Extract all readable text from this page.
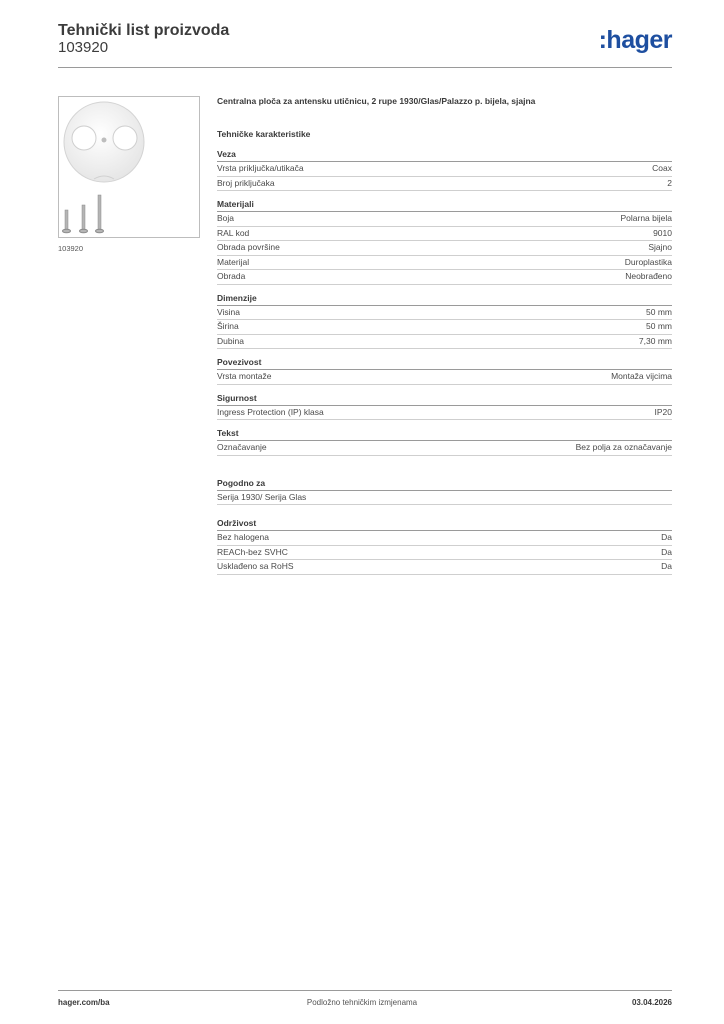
Tehnički list proizvoda
103920	:hager
103920
Centralna ploča za antensku utičnicu, 2 rupe 1930/Glas/Palazzo p. bijela, sjajna
Tehničke karakteristike
Veza
Vrsta priključka/utikača	Coax
Broj priključaka	2
Materijali
Boja	Polarna bijela
RAL kod	9010
Obrada površine	Sjajno
Materijal	Duroplastika
Obrada	Neobrađeno
Dimenzije
Visina	50 mm
Širina	50 mm
Dubina	7,30 mm
Povezivost
Vrsta montaže	Montaža vijcima
Sigurnost
Ingress Protection (IP) klasa	IP20
Tekst
Označavanje	Bez polja za označavanje
Pogodno za
Serija 1930/ Serija Glas
Održivost
Bez halogena	Da
REACh-bez SVHC	Da
Usklađeno sa RoHS	Da
hager.com/ba	Podložno tehničkim izmjenama	03.04.2026
